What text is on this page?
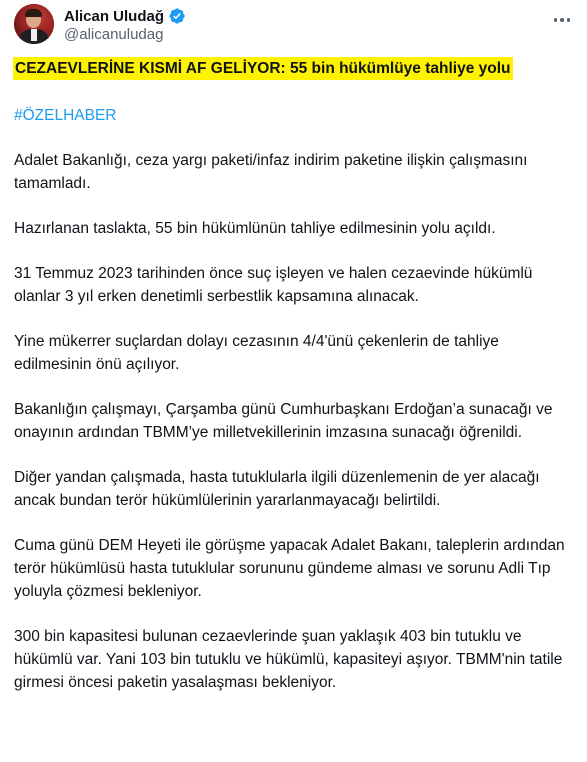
Alican Uludağ
@alicanuludag
CEZAEVLERİNE KISMİ AF GELİYOR: 55 bin hükümlüye tahliye yolu
#ÖZELHABER
Adalet Bakanlığı, ceza yargı paketi/infaz indirim paketine ilişkin çalışmasını tamamladı.
Hazırlanan taslakta, 55 bin hükümlünün tahliye edilmesinin yolu açıldı.
31 Temmuz 2023 tarihinden önce suç işleyen ve halen cezaevinde hükümlü olanlar 3 yıl erken denetimli serbestlik kapsamına alınacak.
Yine mükerrer suçlardan dolayı cezasının 4/4'ünü çekenlerin de tahliye edilmesinin önü açılıyor.
Bakanlığın çalışmayı, Çarşamba günü Cumhurbaşkanı Erdoğan’a sunacağı ve onayının ardından TBMM’ye milletvekillerinin imzasına sunacağı öğrenildi.
Diğer yandan çalışmada, hasta tutuklularla ilgili düzenlemenin de yer alacağı ancak bundan terör hükümlülerinin yararlanmayacağı belirtildi.
Cuma günü DEM Heyeti ile görüşme yapacak Adalet Bakanı, taleplerin ardından terör hükümlüsü hasta tutuklular sorununu gündeme alması ve sorunu Adli Tıp yoluyla çözmesi bekleniyor.
300 bin kapasitesi bulunan cezaevlerinde şuan yaklaşık 403 bin tutuklu ve hükümlü var. Yani 103 bin tutuklu ve hükümlü, kapasiteyi aşıyor. TBMM'nin tatile girmesi öncesi paketin yasalaşması bekleniyor.
